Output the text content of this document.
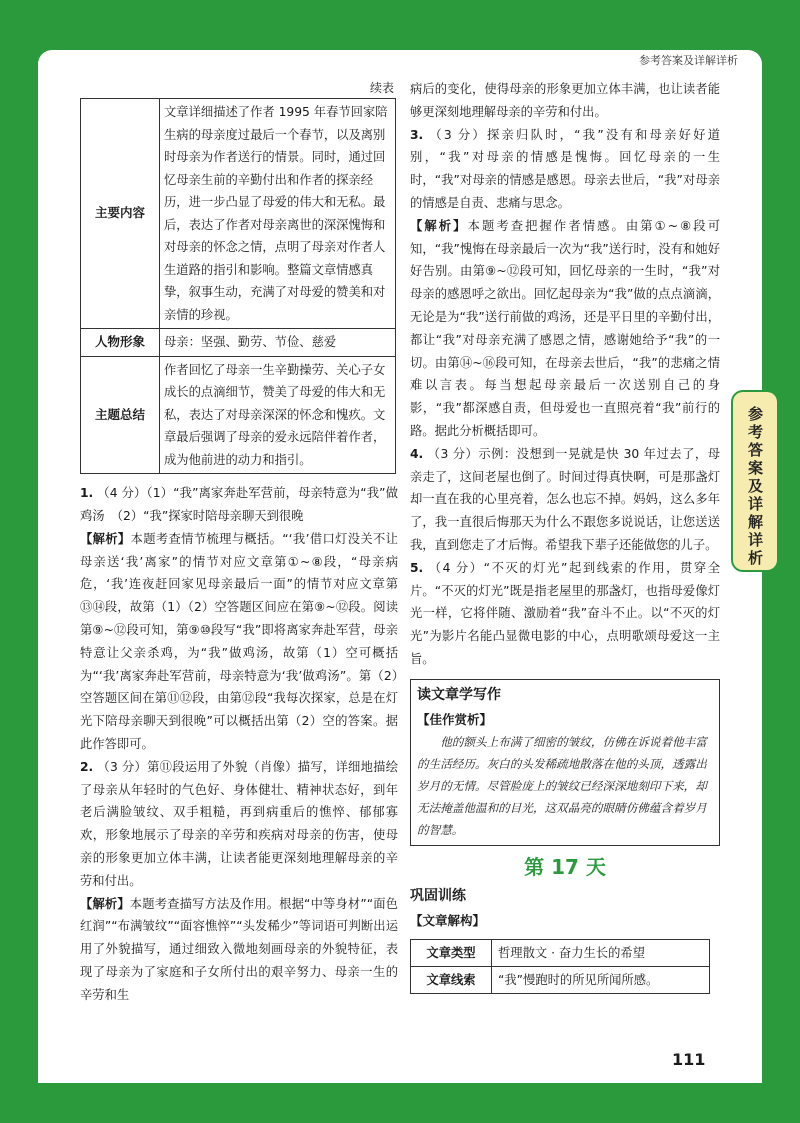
参考答案及详解详析
参考答案及详解详析
续表
主要内容	文章详细描述了作者 1995 年春节回家陪生病的母亲度过最后一个春节，以及离别时母亲为作者送行的情景。同时，通过回忆母亲生前的辛勤付出和作者的探亲经历，进一步凸显了母爱的伟大和无私。最后，表达了作者对母亲离世的深深愧悔和对母亲的怀念之情，点明了母亲对作者人生道路的指引和影响。整篇文章情感真挚，叙事生动，充满了对母爱的赞美和对亲情的珍视。
人物形象	母亲：坚强、勤劳、节俭、慈爱
主题总结	作者回忆了母亲一生辛勤操劳、关心子女成长的点滴细节，赞美了母爱的伟大和无私，表达了对母亲深深的怀念和愧疚。文章最后强调了母亲的爱永远陪伴着作者，成为他前进的动力和指引。

1. （4 分）（1）“我”离家奔赴军营前，母亲特意为“我”做鸡汤　（2）“我”探家时陪母亲聊天到很晚

【解析】本题考查情节梳理与概括。“‘我’借口灯没关不让母亲送‘我’离家”的情节对应文章第①~⑧段，“母亲病危，‘我’连夜赶回家见母亲最后一面”的情节对应文章第⑬⑭段，故第（1）（2）空答题区间应在第⑨~⑫段。阅读第⑨~⑫段可知，第⑨⑩段写“我”即将离家奔赴军营，母亲特意让父亲杀鸡，为“我”做鸡汤，故第（1）空可概括为“‘我’离家奔赴军营前，母亲特意为‘我’做鸡汤”。第（2）空答题区间在第⑪⑫段，由第⑫段“我每次探家，总是在灯光下陪母亲聊天到很晚”可以概括出第（2）空的答案。据此作答即可。

2. （3 分）第⑪段运用了外貌（肖像）描写，详细地描绘了母亲从年轻时的气色好、身体健壮、精神状态好，到年老后满脸皱纹、双手粗糙，再到病重后的憔悴、郁郁寡欢，形象地展示了母亲的辛劳和疾病对母亲的伤害，使母亲的形象更加立体丰满，让读者能更深刻地理解母亲的辛劳和付出。

【解析】本题考查描写方法及作用。根据“中等身材”“面色红润”“布满皱纹”“面容憔悴”“头发稀少”等词语可判断出运用了外貌描写，通过细致入微地刻画母亲的外貌特征，表现了母亲为了家庭和子女所付出的艰辛努力、母亲一生的辛劳和生

病后的变化，使得母亲的形象更加立体丰满，也让读者能够更深刻地理解母亲的辛劳和付出。

3. （3 分）探亲归队时，“我”没有和母亲好好道别，“我”对母亲的情感是愧悔。回忆母亲的一生时，“我”对母亲的情感是感恩。母亲去世后，“我”对母亲的情感是自责、悲痛与思念。

【解析】本题考查把握作者情感。由第①~⑧段可知，“我”愧悔在母亲最后一次为“我”送行时，没有和她好好告别。由第⑨~⑫段可知，回忆母亲的一生时，“我”对母亲的感恩呼之欲出。回忆起母亲为“我”做的点点滴滴，无论是为“我”送行前做的鸡汤，还是平日里的辛勤付出，都让“我”对母亲充满了感恩之情，感谢她给予“我”的一切。由第⑭~⑯段可知，在母亲去世后，“我”的悲痛之情难以言表。每当想起母亲最后一次送别自己的身影，“我”都深感自责，但母爱也一直照亮着“我”前行的路。据此分析概括即可。

4. （3 分）示例：没想到一晃就是快 30 年过去了，母亲走了，这间老屋也倒了。时间过得真快啊，可是那盏灯却一直在我的心里亮着，怎么也忘不掉。妈妈，这么多年了，我一直很后悔那天为什么不跟您多说说话，让您送送我，直到您走了才后悔。希望我下辈子还能做您的儿子。

5. （4 分）“不灭的灯光”起到线索的作用，贯穿全片。“不灭的灯光”既是指老屋里的那盏灯，也指母爱像灯光一样，它将伴随、激励着“我”奋斗不止。以“不灭的灯光”为影片名能凸显微电影的中心，点明歌颂母爱这一主旨。

读文章学写作
【佳作赏析】
他的额头上布满了细密的皱纹，仿佛在诉说着他丰富的生活经历。灰白的头发稀疏地散落在他的头顶，透露出岁月的无情。尽管脸庞上的皱纹已经深深地刻印下来，却无法掩盖他温和的目光，这双晶亮的眼睛仿佛蕴含着岁月的智慧。
第 17 天
巩固训练
【文章解构】
文章类型	哲理散文 · 奋力生长的希望
文章线索	“我”慢跑时的所见所闻所感。
111
